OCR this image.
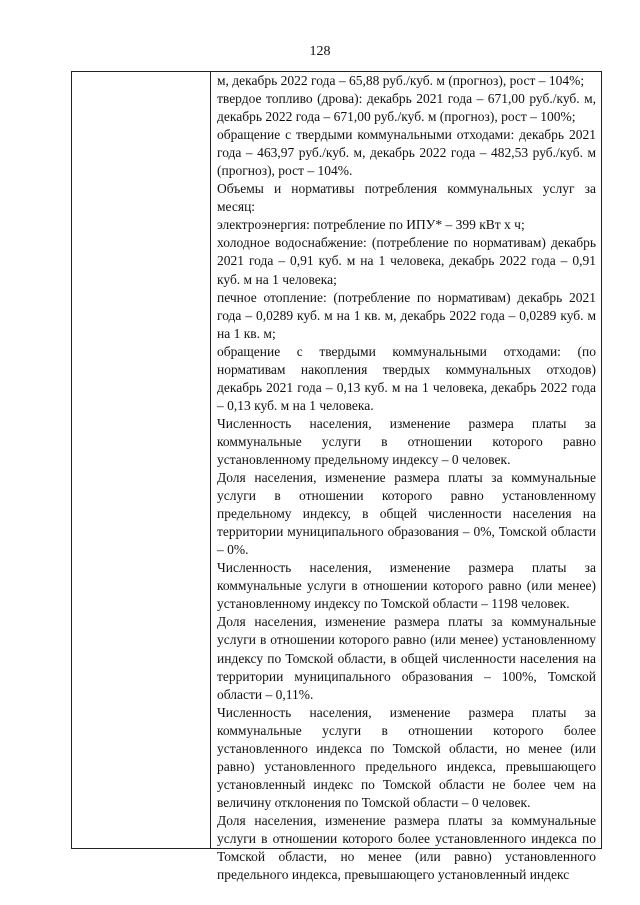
128

м, декабрь 2022 года – 65,88 руб./куб. м (прогноз), рост – 104%;

твердое топливо (дрова): декабрь 2021 года – 671,00 руб./куб. м, декабрь 2022 года – 671,00 руб./куб. м (прогноз), рост – 100%;

обращение с твердыми коммунальными отходами: декабрь 2021 года – 463,97 руб./куб. м, декабрь 2022 года – 482,53 руб./куб. м (прогноз), рост – 104%.

Объемы и нормативы потребления коммунальных услуг за месяц:

электроэнергия: потребление по ИПУ* – 399 кВт х ч;

холодное водоснабжение: (потребление по нормативам) декабрь 2021 года – 0,91 куб. м на 1 человека, декабрь 2022 года – 0,91 куб. м на 1 человека;

печное отопление: (потребление по нормативам) декабрь 2021 года – 0,0289 куб. м на 1 кв. м, декабрь 2022 года – 0,0289 куб. м на 1 кв. м;

обращение с твердыми коммунальными отходами: (по нормативам накопления твердых коммунальных отходов) декабрь 2021 года – 0,13 куб. м на 1 человека, декабрь 2022 года – 0,13 куб. м на 1 человека.

Численность населения, изменение размера платы за коммунальные услуги в отношении которого равно установленному предельному индексу – 0 человек.

Доля населения, изменение размера платы за коммунальные услуги в отношении которого равно установленному предельному индексу, в общей численности населения на территории муниципального образования – 0%, Томской области – 0%.

Численность населения, изменение размера платы за коммунальные услуги в отношении которого равно (или менее) установленному индексу по Томской области – 1198 человек.

Доля населения, изменение размера платы за коммунальные услуги в отношении которого равно (или менее) установленному индексу по Томской области, в общей численности населения на территории муниципального образования – 100%, Томской области – 0,11%.

Численность населения, изменение размера платы за коммунальные услуги в отношении которого более установленного индекса по Томской области, но менее (или равно) установленного предельного индекса, превышающего установленный индекс по Томской области не более чем на величину отклонения по Томской области – 0 человек.

Доля населения, изменение размера платы за коммунальные услуги в отношении которого более установленного индекса по Томской области, но менее (или равно) установленного предельного индекса, превышающего установленный индекс
